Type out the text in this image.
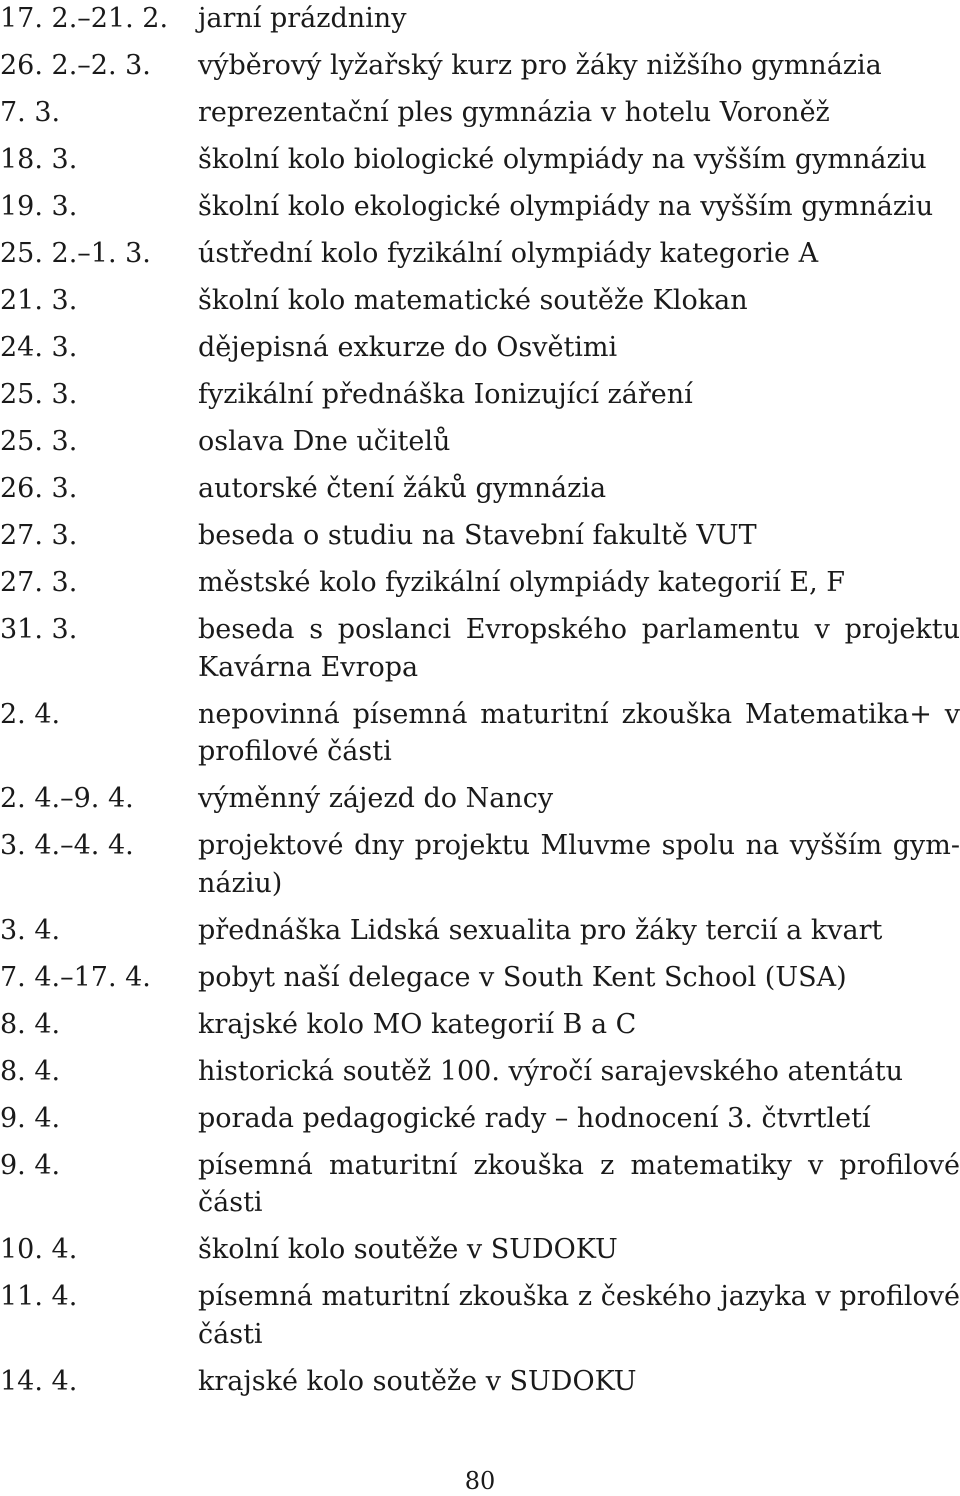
17. 2.–21. 2.	jarní prázdniny
26. 2.–2. 3.	výběrový lyžařský kurz pro žáky nižšího gymnázia
7. 3.	reprezentační ples gymnázia v hotelu Voroněž
18. 3.	školní kolo biologické olympiády na vyšším gymnáziu
19. 3.	školní kolo ekologické olympiády na vyšším gymnáziu
25. 2.–1. 3.	ústřední kolo fyzikální olympiády kategorie A
21. 3.	školní kolo matematické soutěže Klokan
24. 3.	dějepisná exkurze do Osvětimi
25. 3.	fyzikální přednáška Ionizující záření
25. 3.	oslava Dne učitelů
26. 3.	autorské čtení žáků gymnázia
27. 3.	beseda o studiu na Stavební fakultě VUT
27. 3.	městské kolo fyzikální olympiády kategorií E, F
31. 3.	beseda s poslanci Evropského parlamentu v projektu Kavárna Evropa
2. 4.	nepovinná písemná maturitní zkouška Matematika+ v profilové části
2. 4.–9. 4.	výměnný zájezd do Nancy
3. 4.–4. 4.	projektové dny projektu Mluvme spolu na vyšším gymnáziu)
3. 4.	přednáška Lidská sexualita pro žáky tercií a kvart
7. 4.–17. 4.	pobyt naší delegace v South Kent School (USA)
8. 4.	krajské kolo MO kategorií B a C
8. 4.	historická soutěž 100. výročí sarajevského atentátu
9. 4.	porada pedagogické rady – hodnocení 3. čtvrtletí
9. 4.	písemná maturitní zkouška z matematiky v profilové části
10. 4.	školní kolo soutěže v SUDOKU
11. 4.	písemná maturitní zkouška z českého jazyka v profilové části
14. 4.	krajské kolo soutěže v SUDOKU
80
